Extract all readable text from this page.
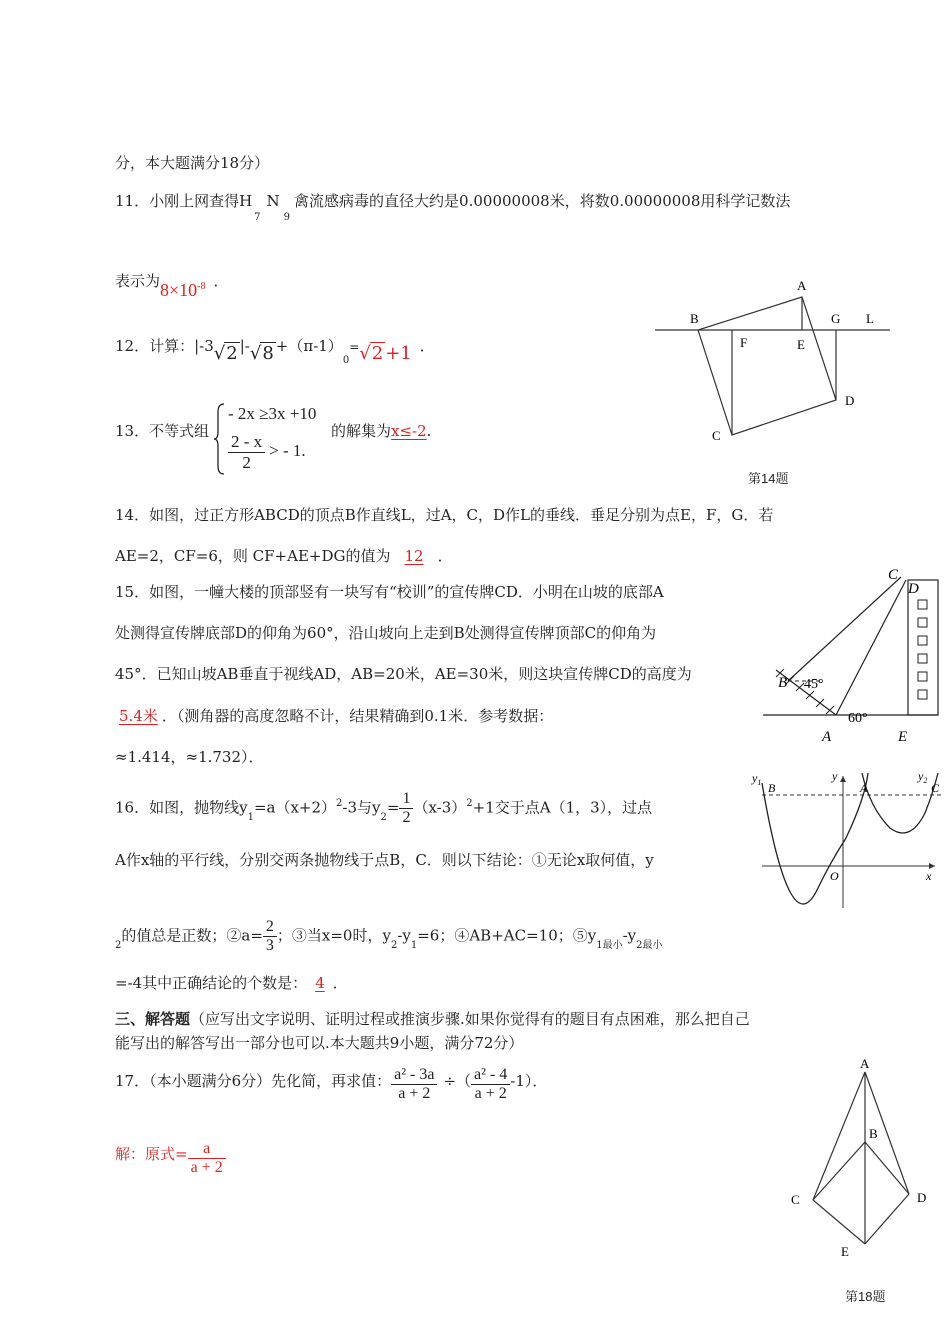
分，本大题满分18分）
11．小刚上网查得$H_7N_9$禽流感病毒的直径大约是0.00000008米，将数0.00000008用科学记数法
表示为$8\times 10^{-8}$ ．
12．计算：|-3√2 $|-√8 +(\pi-1)_0=√2 +1$ ．
13．不等式组
- 2x ≥3x +10
$\frac{2 - x}{2}$ > - 1.
的解集为x≤-2.
A
B	G L
F	E
D
C
第14题
14．如图，过正方形ABCD的顶点B作直线L，过A，C，D作L的垂线．垂足分别为点E，F，G．若
AE=2，CF=6，则 CF+AE+DG的值为 12 ．
15．如图，一幢大楼的顶部竖有一块写有“校训”的宣传牌CD．小明在山坡的底部A
处测得宣传牌底部D的仰角为60°，沿山坡向上走到B处测得宣传牌顶部C的仰角为
45°．已知山坡AB垂直于视线AD，AB=20米，AE=30米，则这块宣传牌CD的高度为
5.4米 ．（测角器的高度忽略不计，结果精确到0.1米．参考数据：
≈1.414，≈1.732）．
C
D
B 45°
60°
A	E
16．如图，抛物线$y_1=a(x+2)^2-3$与$y_2= \frac{1}{2} (x-3)^2+1$交于点A（1，3），过点
A作x轴的平行线，分别交两条抛物线于点B，C．则以下结论：①无论x取何值，y
$_2$的值总是正数；②a= $\frac{2}{3}$ ；③当x=0时，$y_2-y_1=6$；④AB+AC=10；$⑤y_{1最小}-y_{2最小}$
=-4其中正确结论的个数是： 4 ．
$y_1$ B
y
A
$y_2$
C
O	x
三、解答题（应写出文字说明、证明过程或推演步骤.如果你觉得有的题目有点困难，那么把自己
能写出的解答写出一部分也可以.本大题共9小题，满分72分）
17．（本小题满分6分）先化简，再求值： $\frac{\text{a² - 3a}}{a + 2}$ ÷（ $\frac{\text{a² - 4}}{a + 2} -1$）．
解：原式= $\frac{a}{a + 2}$
A
B
C	D
E
第18题
